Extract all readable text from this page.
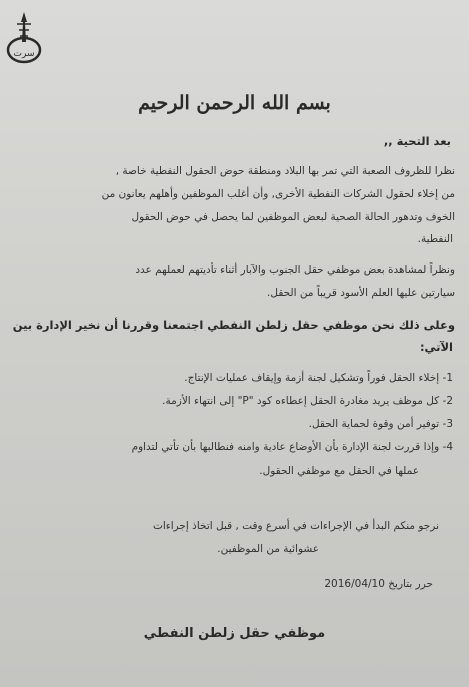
سرت
بسم الله الرحمن الرحيم
بعد التحية ,,
نظرا للظروف الصعبة التي تمر بها البلاد ومنطقة حوض الحقول النفطية خاصة ,
من إخلاء لحقول الشركات النفطية الأخرى, وأن أغلب الموظفين وأهلهم يعانون من
الخوف وتدهور الحالة الصحية لبعض الموظفين لما يحصل في حوض الحقول
النفطية.
ونظراً لمشاهدة بعض موظفي حقل الجنوب والآبار أثناء تأديتهم لعملهم عدد
سيارتين عليها العلم الأسود قريباً من الحقل.
وعلى ذلك نحن موظفي حقل زلطن النفطي اجتمعنا وقررنا أن نخير الإدارة بين
الآتي:
1- إخلاء الحقل فوراً وتشكيل لجنة أزمة وإيقاف عمليات الإنتاج.
2- كل موظف يريد مغادرة الحقل إعطاءه كود "P" إلى انتهاء الأزمة.
3- توفير أمن وقوة لحماية الحقل.
4- وإذا قررت لجنة الإدارة بأن الأوضاع عادية وامنه فنطالبها بأن تأتي لتداوم
عملها في الحقل مع موظفي الحقول.
نرجو منكم البدأ في الإجراءات في أسرع وقت , قبل اتخاذ إجراءات
عشوائية من الموظفين.
حرر بتاريخ 2016/04/10
موظفي حقل زلطن النفطي
